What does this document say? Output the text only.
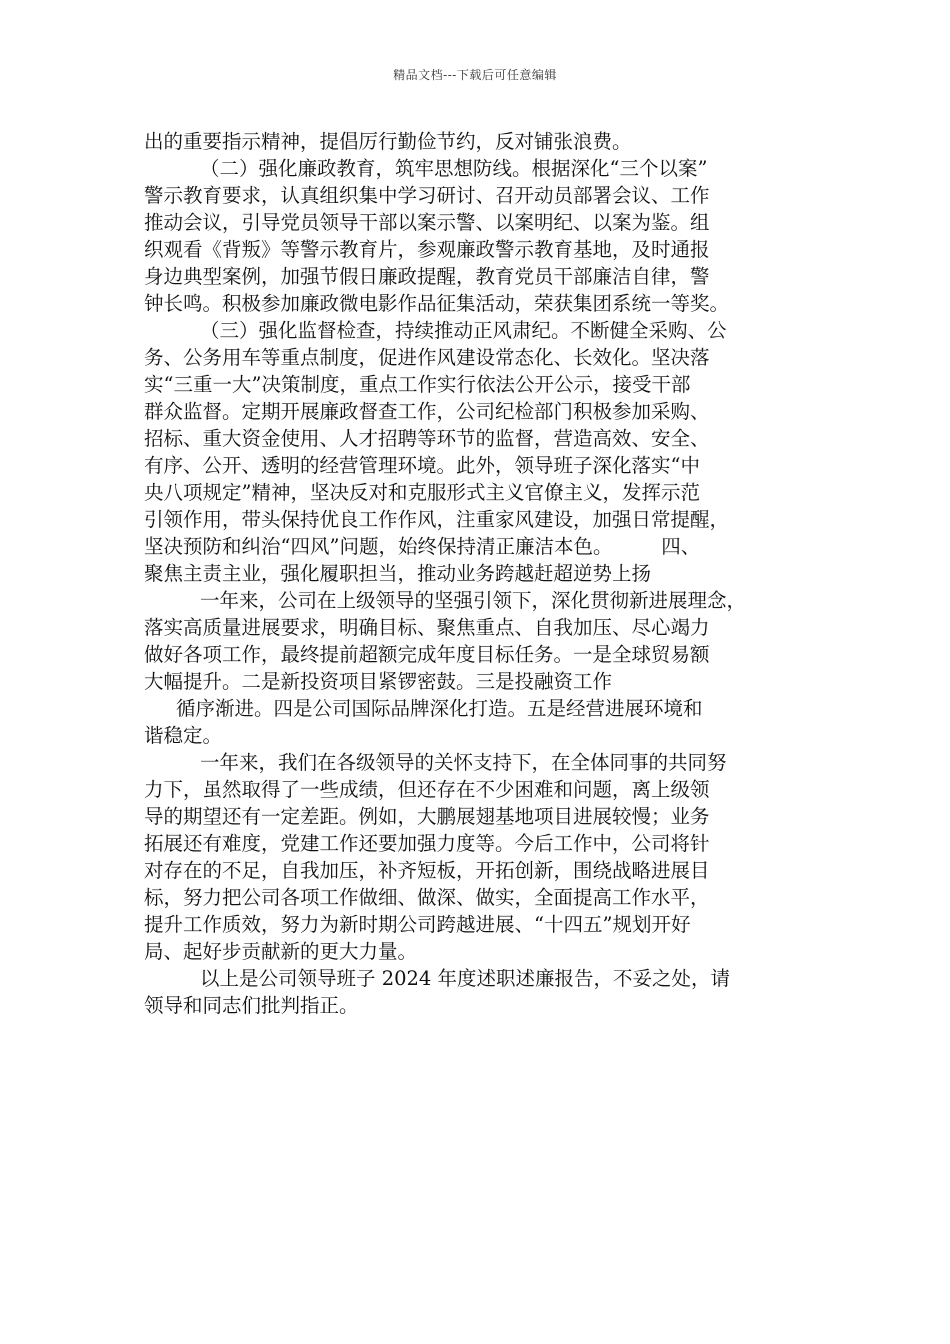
精品文档---下载后可任意编辑
出的重要指示精神，提倡厉行勤俭节约，反对铺张浪费。
（二）强化廉政教育，筑牢思想防线。根据深化“三个以案”
警示教育要求，认真组织集中学习研讨、召开动员部署会议、工作
推动会议，引导党员领导干部以案示警、以案明纪、以案为鉴。组
织观看《背叛》等警示教育片，参观廉政警示教育基地，及时通报
身边典型案例，加强节假日廉政提醒，教育党员干部廉洁自律，警
钟长鸣。积极参加廉政微电影作品征集活动，荣获集团系统一等奖。
（三）强化监督检查，持续推动正风肃纪。不断健全采购、公
务、公务用车等重点制度，促进作风建设常态化、长效化。坚决落
实“三重一大”决策制度，重点工作实行依法公开公示，接受干部
群众监督。定期开展廉政督查工作，公司纪检部门积极参加采购、
招标、重大资金使用、人才招聘等环节的监督，营造高效、安全、
有序、公开、透明的经营管理环境。此外，领导班子深化落实“中
央八项规定”精神，坚决反对和克服形式主义官僚主义，发挥示范
引领作用，带头保持优良工作作风，注重家风建设，加强日常提醒，
坚决预防和纠治“四风”问题，始终保持清正廉洁本色。　　　四、
聚焦主责主业，强化履职担当，推动业务跨越赶超逆势上扬
一年来，公司在上级领导的坚强引领下，深化贯彻新进展理念，
落实高质量进展要求，明确目标、聚焦重点、自我加压、尽心竭力
做好各项工作，最终提前超额完成年度目标任务。一是全球贸易额
大幅提升。二是新投资项目紧锣密鼓。三是投融资工作
循序渐进。四是公司国际品牌深化打造。五是经营进展环境和
谐稳定。
一年来，我们在各级领导的关怀支持下，在全体同事的共同努
力下，虽然取得了一些成绩，但还存在不少困难和问题，离上级领
导的期望还有一定差距。例如，大鹏展翅基地项目进展较慢；业务
拓展还有难度，党建工作还要加强力度等。今后工作中，公司将针
对存在的不足，自我加压，补齐短板，开拓创新，围绕战略进展目
标，努力把公司各项工作做细、做深、做实，全面提高工作水平，
提升工作质效，努力为新时期公司跨越进展、“十四五”规划开好
局、起好步贡献新的更大力量。
以上是公司领导班子 2024 年度述职述廉报告，不妥之处，请
领导和同志们批判指正。
